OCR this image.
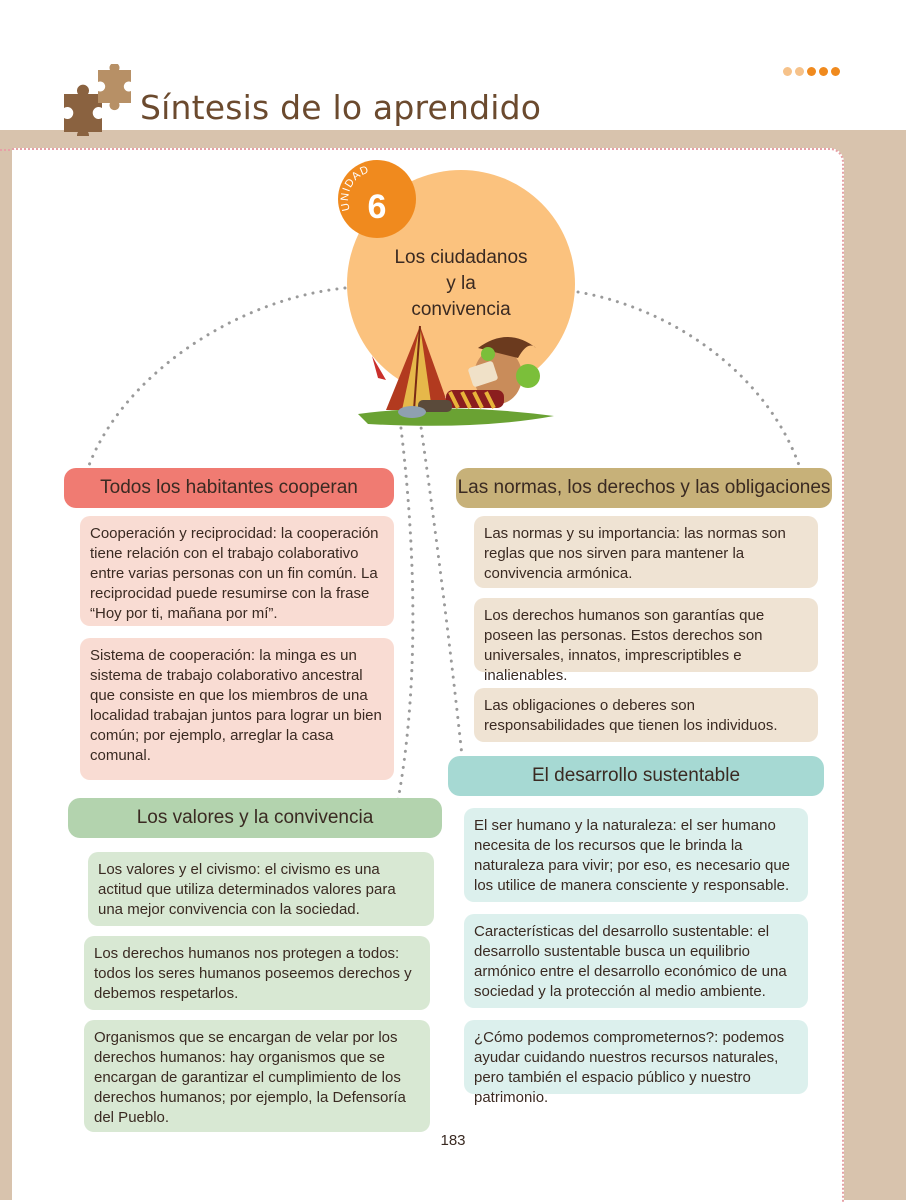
Síntesis de lo aprendido
Los ciudadanos
y la
convivencia
UNIDAD
6
Todos los habitantes cooperan
Cooperación y reciprocidad: la cooperación tiene relación con el trabajo colaborativo entre varias personas con un fin común. La reciprocidad puede resumirse con la frase “Hoy por ti, mañana por mí”.
Sistema de cooperación: la minga es un sistema de trabajo colaborativo ancestral que consiste en que los miembros de una localidad trabajan juntos para lograr un bien común; por ejemplo, arreglar la casa comunal.
Las normas, los derechos y las obligaciones
Las normas y su importancia: las normas son reglas que nos sirven para mantener la convivencia armónica.
Los derechos humanos son garantías que poseen las personas. Estos derechos son universales, innatos, imprescriptibles e inalienables.
Las obligaciones o deberes son responsabilidades que tienen los individuos.
El desarrollo sustentable
El ser humano y la naturaleza: el ser humano necesita de los recursos que le brinda la naturaleza para vivir; por eso, es necesario que los utilice de manera consciente y responsable.
Características del desarrollo sustentable: el desarrollo sustentable busca un equilibrio armónico entre el desarrollo económico de una sociedad y la protección al medio ambiente.
¿Cómo podemos comprometernos?: podemos ayudar cuidando nuestros recursos naturales, pero también el espacio público y nuestro patrimonio.
Los valores y la convivencia
Los valores y el civismo: el civismo es una actitud que utiliza determinados valores para una mejor convivencia con la sociedad.
Los derechos humanos nos protegen a todos: todos los seres humanos poseemos derechos y debemos respetarlos.
Organismos que se encargan de velar por los derechos humanos: hay organismos que se encargan de garantizar el cumplimiento de los derechos humanos; por ejemplo, la Defensoría del Pueblo.
183
